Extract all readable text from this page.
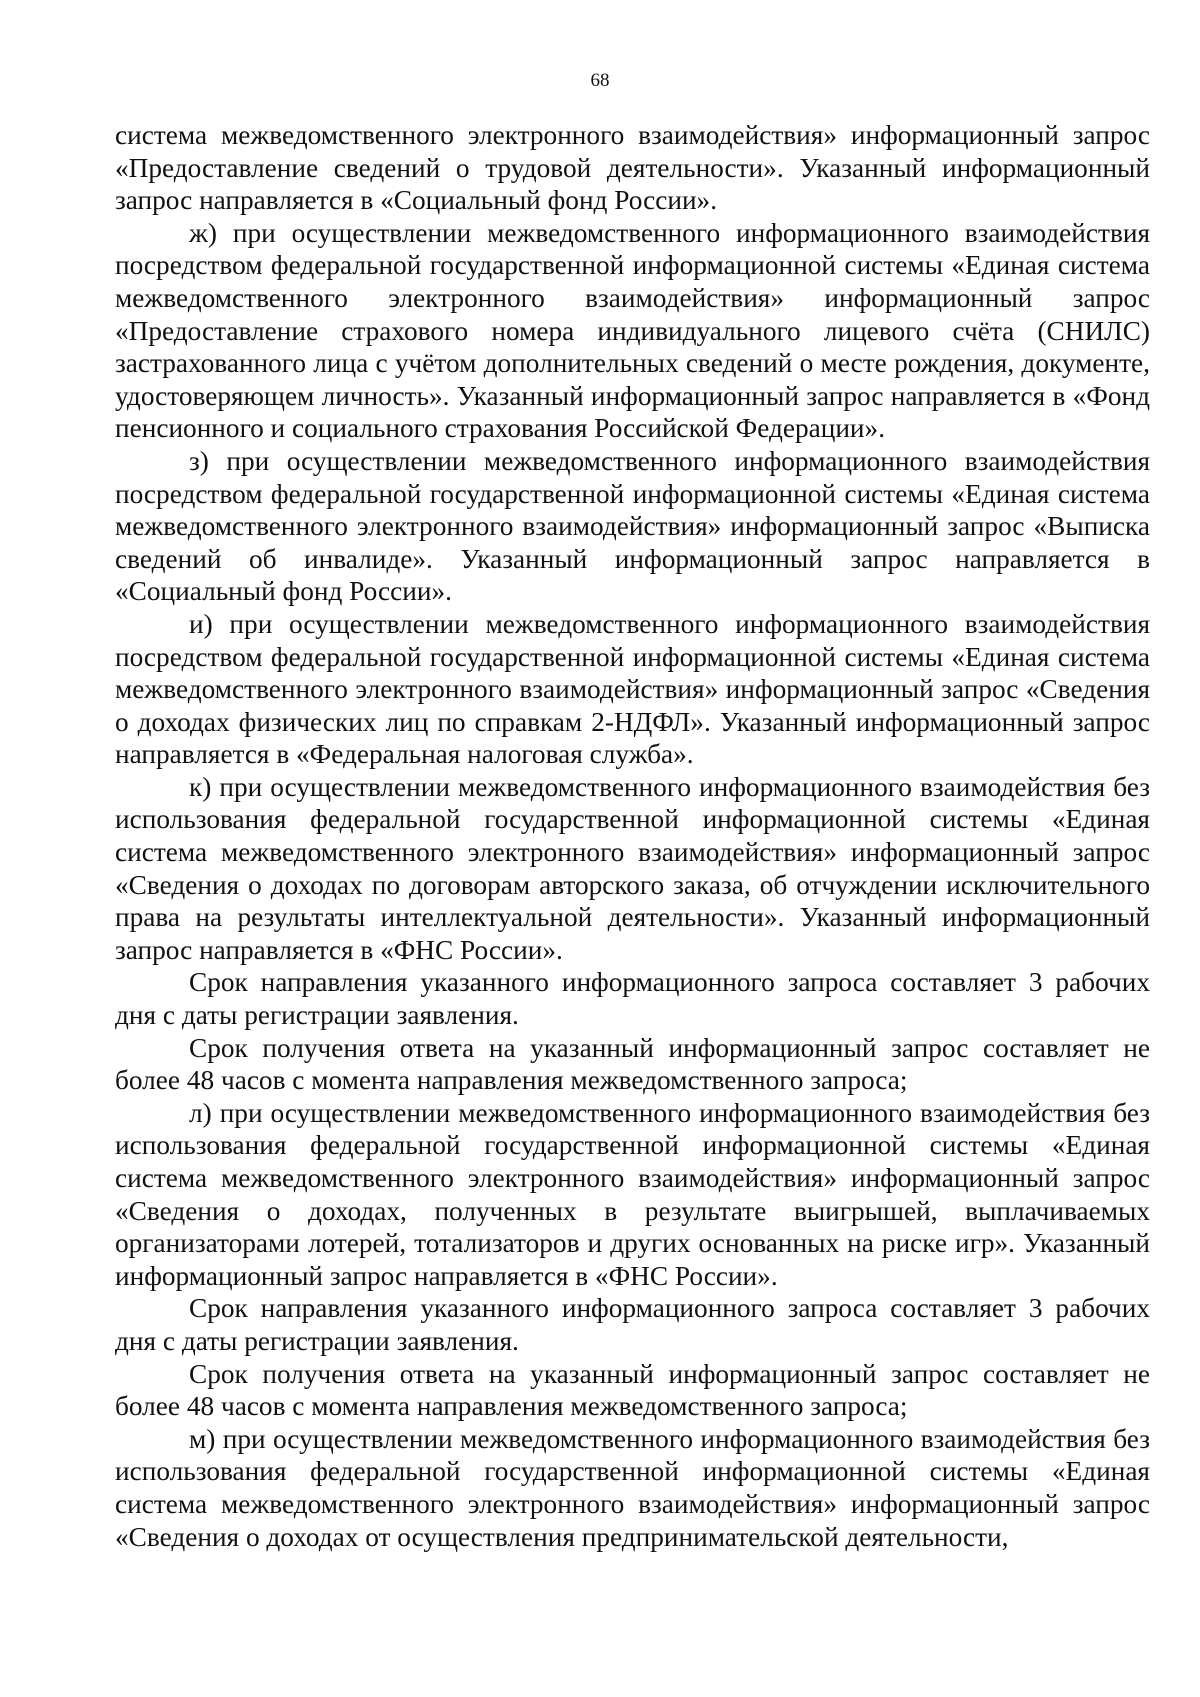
68

система межведомственного электронного взаимодействия» информационный запрос «Предоставление сведений о трудовой деятельности». Указанный информационный запрос направляется в «Социальный фонд России».

ж) при осуществлении межведомственного информационного взаимодействия посредством федеральной государственной информационной системы «Единая система межведомственного электронного взаимодействия» информационный запрос «Предоставление страхового номера индивидуального лицевого счёта (СНИЛС) застрахованного лица с учётом дополнительных сведений о месте рождения, документе, удостоверяющем личность». Указанный информационный запрос направляется в «Фонд пенсионного и социального страхования Российской Федерации».

з) при осуществлении межведомственного информационного взаимодействия посредством федеральной государственной информационной системы «Единая система межведомственного электронного взаимодействия» информационный запрос «Выписка сведений об инвалиде». Указанный информационный запрос направляется в «Социальный фонд России».

и) при осуществлении межведомственного информационного взаимодействия посредством федеральной государственной информационной системы «Единая система межведомственного электронного взаимодействия» информационный запрос «Сведения о доходах физических лиц по справкам 2-НДФЛ». Указанный информационный запрос направляется в «Федеральная налоговая служба».

к) при осуществлении межведомственного информационного взаимодействия без использования федеральной государственной информационной системы «Единая система межведомственного электронного взаимодействия» информационный запрос «Сведения о доходах по договорам авторского заказа, об отчуждении исключительного права на результаты интеллектуальной деятельности». Указанный информационный запрос направляется в «ФНС России».

Срок направления указанного информационного запроса составляет 3 рабочих дня с даты регистрации заявления.

Срок получения ответа на указанный информационный запрос составляет не более 48 часов с момента направления межведомственного запроса;

л) при осуществлении межведомственного информационного взаимодействия без использования федеральной государственной информационной системы «Единая система межведомственного электронного взаимодействия» информационный запрос «Сведения о доходах, полученных в результате выигрышей, выплачиваемых организаторами лотерей, тотализаторов и других основанных на риске игр». Указанный информационный запрос направляется в «ФНС России».

Срок направления указанного информационного запроса составляет 3 рабочих дня с даты регистрации заявления.

Срок получения ответа на указанный информационный запрос составляет не более 48 часов с момента направления межведомственного запроса;

м) при осуществлении межведомственного информационного взаимодействия без использования федеральной государственной информационной системы «Единая система межведомственного электронного взаимодействия» информационный запрос «Сведения о доходах от осуществления предпринимательской деятельности,
